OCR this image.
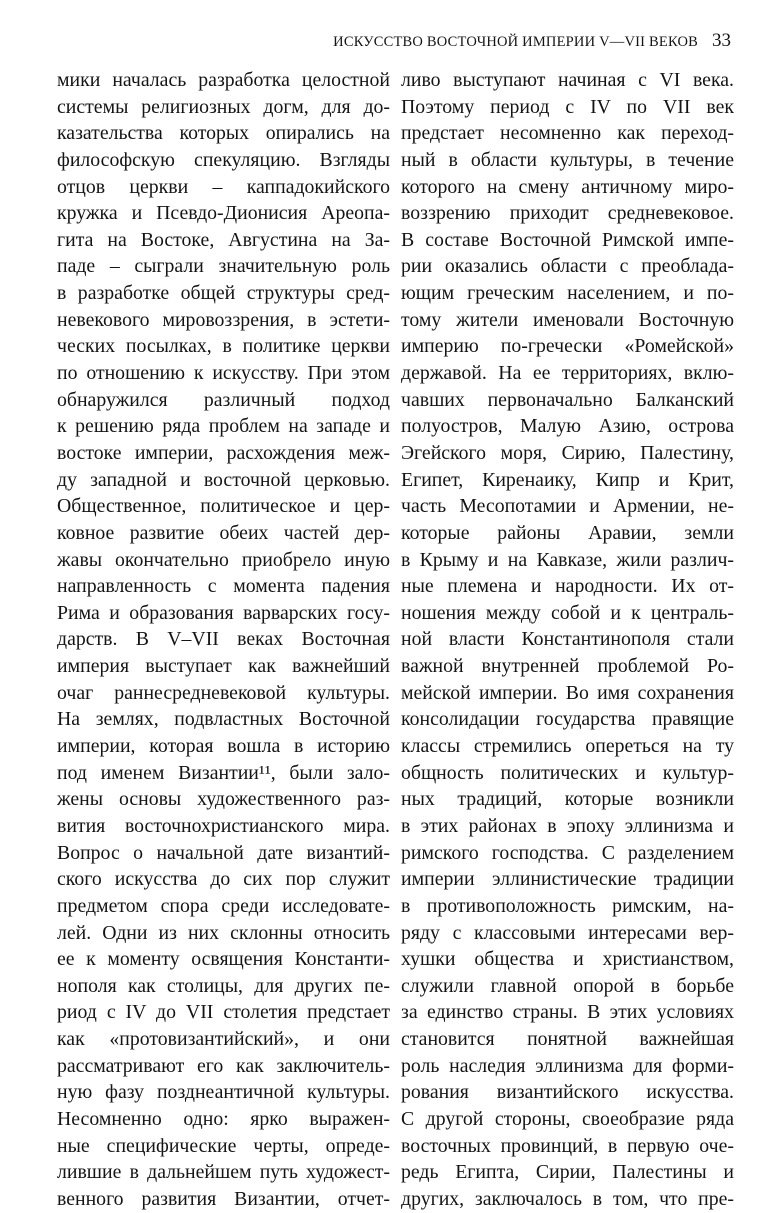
ИСКУССТВО ВОСТОЧНОЙ ИМПЕРИИ V—VII ВЕКОВ 33
мики началась разработка целостной
системы религиозных догм, для до-
казательства которых опирались на
философскую спекуляцию. Взгляды
отцов церкви – каппадокийского
кружка и Псевдо-Дионисия Ареопа-
гита на Востоке, Августина на За-
паде – сыграли значительную роль
в разработке общей структуры сред-
невекового мировоззрения, в эстети-
ческих посылках, в политике церкви
по отношению к искусству. При этом
обнаружился различный подход
к решению ряда проблем на западе и
востоке империи, расхождения меж-
ду западной и восточной церковью.
Общественное, политическое и цер-
ковное развитие обеих частей дер-
жавы окончательно приобрело иную
направленность с момента падения
Рима и образования варварских госу-
дарств. В V–VII веках Восточная
империя выступает как важнейший
очаг раннесредневековой культуры.
На землях, подвластных Восточной
империи, которая вошла в историю
под именем Византии¹¹, были зало-
жены основы художественного раз-
вития восточнохристианского мира.
Вопрос о начальной дате византий-
ского искусства до сих пор служит
предметом спора среди исследовате-
лей. Одни из них склонны относить
ее к моменту освящения Константи-
нополя как столицы, для других пе-
риод с IV до VII столетия предстает
как «протовизантийский», и они
рассматривают его как заключитель-
ную фазу позднеантичной культуры.
Несомненно одно: ярко выражен-
ные специфические черты, опреде-
лившие в дальнейшем путь художест-
венного развития Византии, отчет-
ливо выступают начиная с VI века.
Поэтому период с IV по VII век
предстает несомненно как переход-
ный в области культуры, в течение
которого на смену античному миро-
воззрению приходит средневековое.
В составе Восточной Римской импе-
рии оказались области с преоблада-
ющим греческим населением, и по-
тому жители именовали Восточную
империю по-гречески «Ромейской»
державой. На ее территориях, вклю-
чавших первоначально Балканский
полуостров, Малую Азию, острова
Эгейского моря, Сирию, Палестину,
Египет, Киренаику, Кипр и Крит,
часть Месопотамии и Армении, не-
которые районы Аравии, земли
в Крыму и на Кавказе, жили различ-
ные племена и народности. Их от-
ношения между собой и к централь-
ной власти Константинополя стали
важной внутренней проблемой Ро-
мейской империи. Во имя сохранения
консолидации государства правящие
классы стремились опереться на ту
общность политических и культур-
ных традиций, которые возникли
в этих районах в эпоху эллинизма и
римского господства. С разделением
империи эллинистические традиции
в противоположность римским, на-
ряду с классовыми интересами вер-
хушки общества и христианством,
служили главной опорой в борьбе
за единство страны. В этих условиях
становится понятной важнейшая
роль наследия эллинизма для форми-
рования византийского искусства.
С другой стороны, своеобразие ряда
восточных провинций, в первую оче-
редь Египта, Сирии, Палестины и
других, заключалось в том, что пре-
